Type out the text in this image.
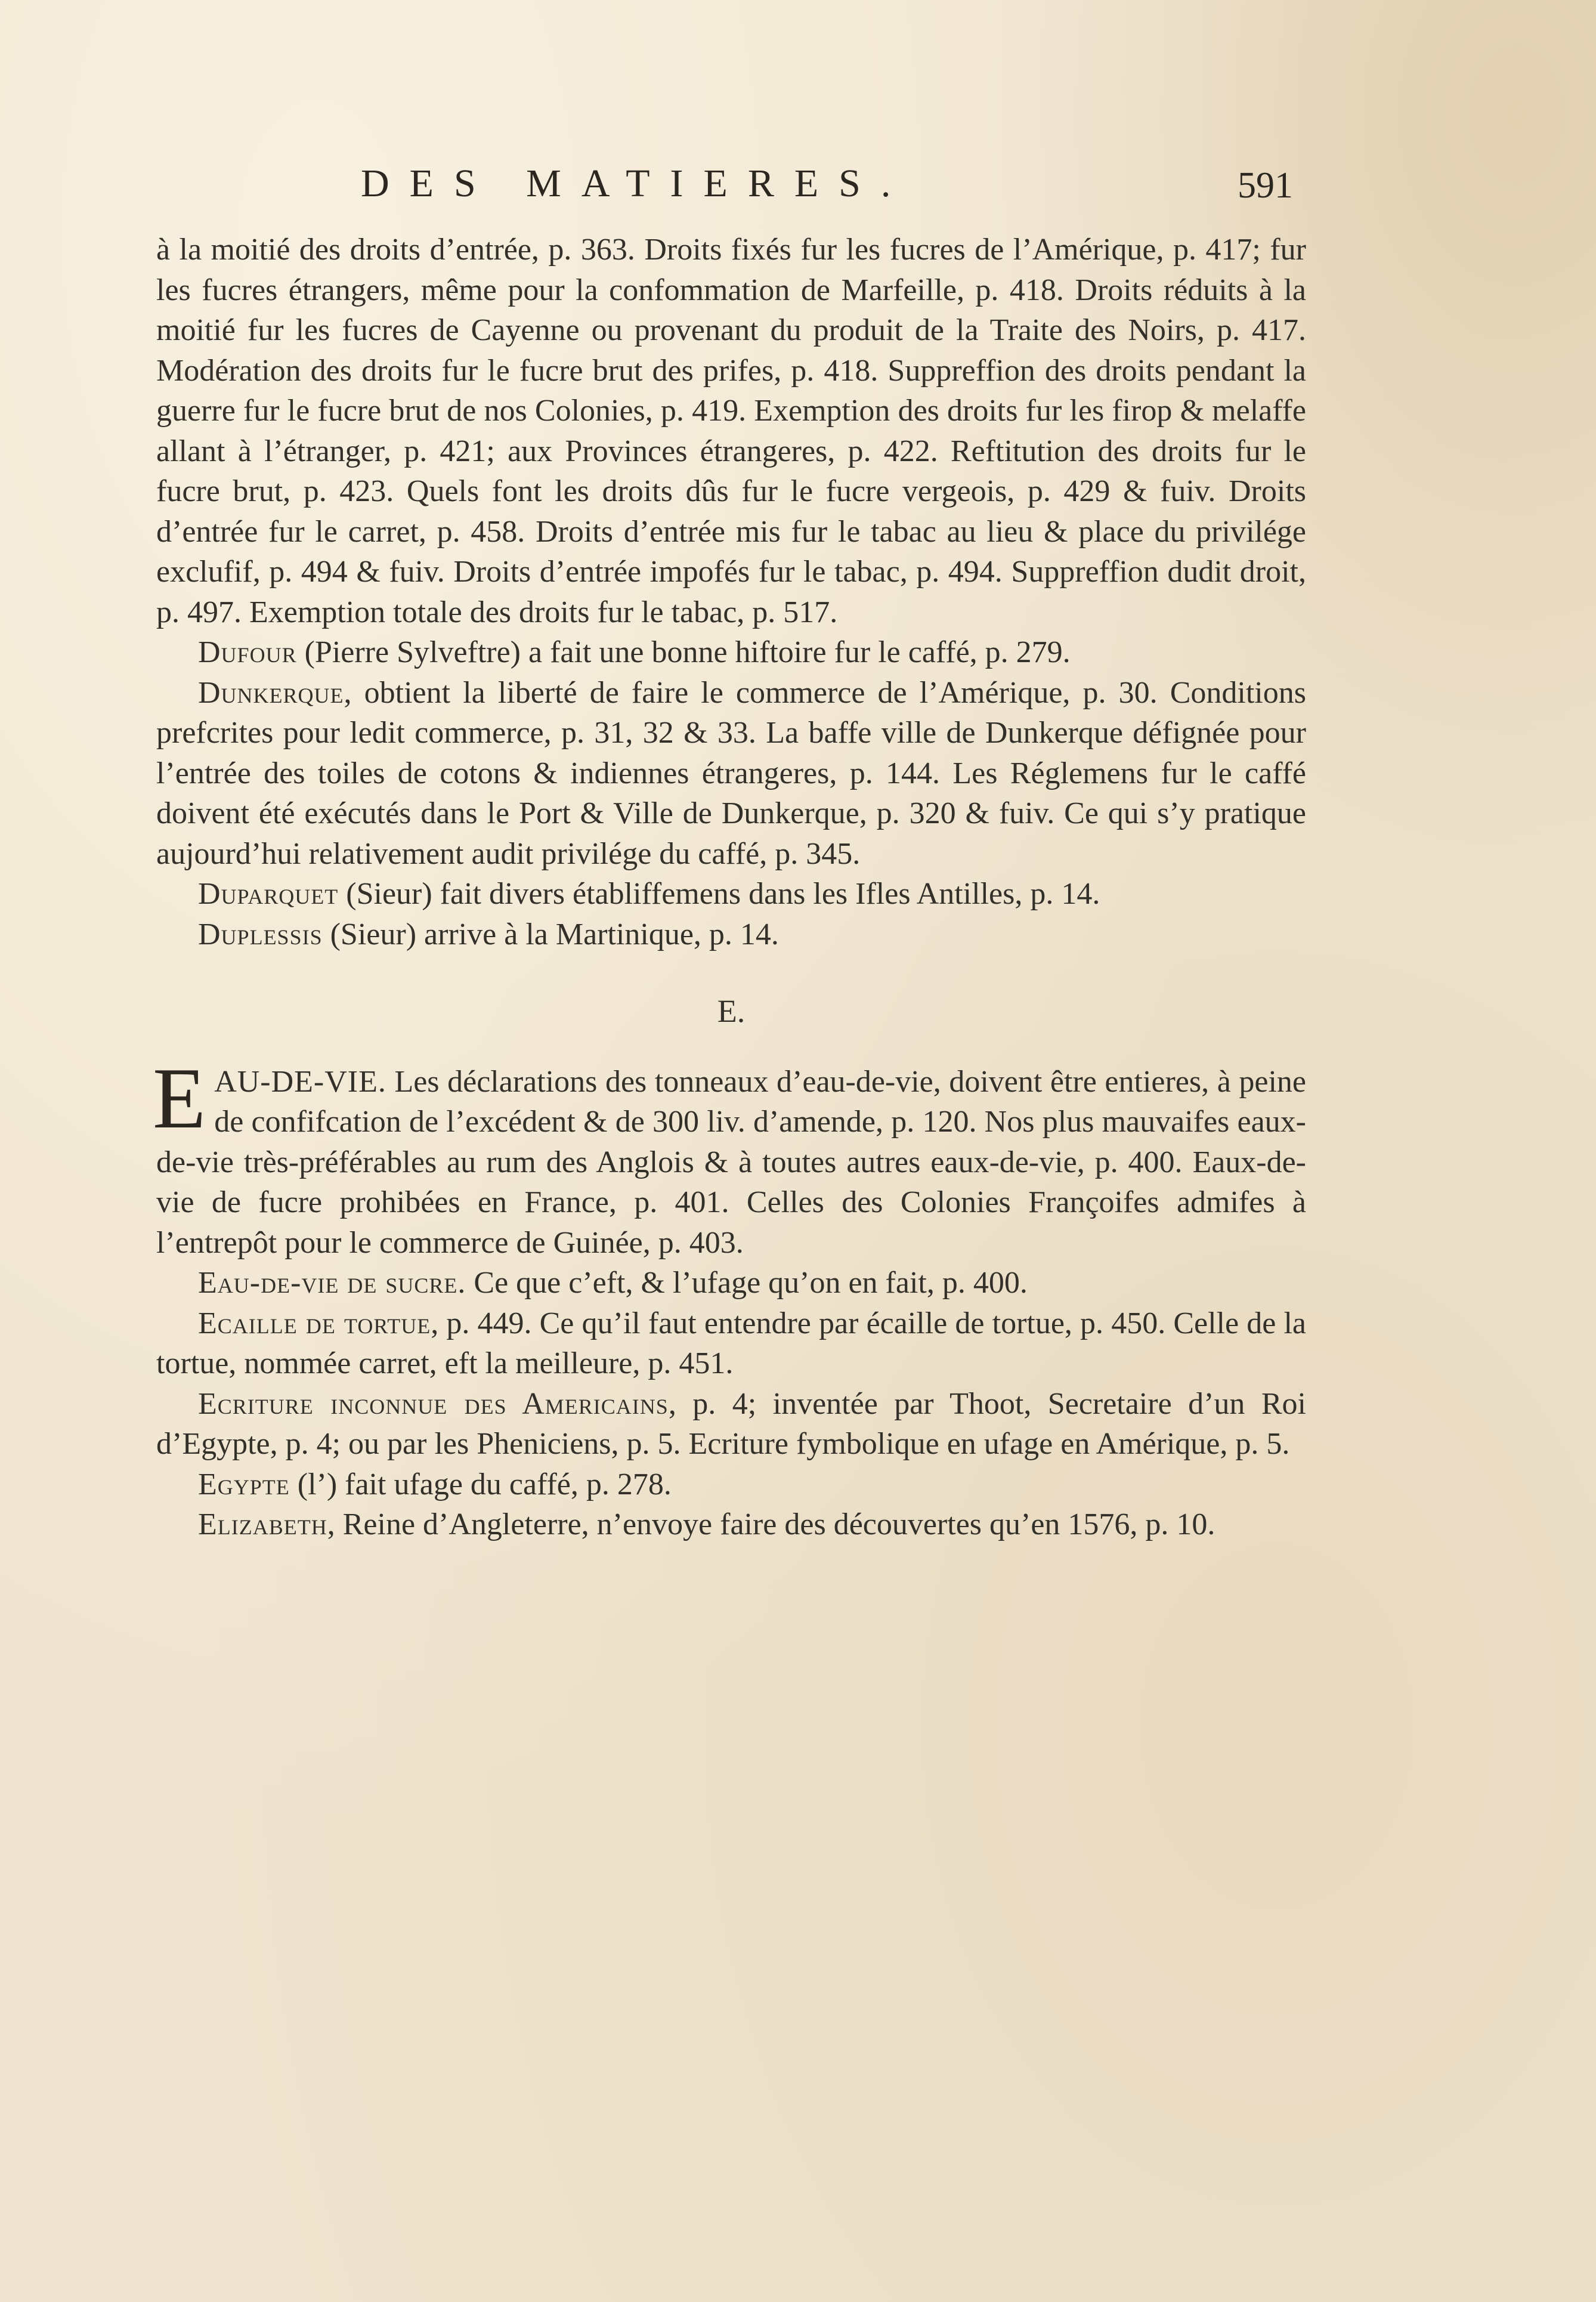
DES MATIERES.	591

à la moitié des droits d’entrée, p. 363. Droits fixés fur les fucres de l’Amérique, p. 417; fur les fucres étrangers, même pour la confommation de Marfeille, p. 418. Droits réduits à la moitié fur les fucres de Cayenne ou provenant du produit de la Traite des Noirs, p. 417. Modération des droits fur le fucre brut des prifes, p. 418. Suppreffion des droits pendant la guerre fur le fucre brut de nos Colonies, p. 419. Exemption des droits fur les firop & melaffe allant à l’étranger, p. 421; aux Provinces étrangeres, p. 422. Reftitution des droits fur le fucre brut, p. 423. Quels font les droits dûs fur le fucre vergeois, p. 429 & fuiv. Droits d’entrée fur le carret, p. 458. Droits d’entrée mis fur le tabac au lieu & place du privilége exclufif, p. 494 & fuiv. Droits d’entrée impofés fur le tabac, p. 494. Suppreffion dudit droit, p. 497. Exemption totale des droits fur le tabac, p. 517.

Dufour (Pierre Sylveftre) a fait une bonne hiftoire fur le caffé, p. 279.

Dunkerque, obtient la liberté de faire le commerce de l’Amérique, p. 30. Conditions prefcrites pour ledit commerce, p. 31, 32 & 33. La baffe ville de Dunkerque défignée pour l’entrée des toiles de cotons & indiennes étrangeres, p. 144. Les Réglemens fur le caffé doivent été exécutés dans le Port & Ville de Dunkerque, p. 320 & fuiv. Ce qui s’y pratique aujourd’hui relativement audit privilége du caffé, p. 345.

Duparquet (Sieur) fait divers établiffemens dans les Ifles Antilles, p. 14.

Duplessis (Sieur) arrive à la Martinique, p. 14.

E.

EAU-DE-VIE. Les déclarations des tonneaux d’eau-de-vie, doivent être entieres, à peine de confifcation de l’excédent & de 300 liv. d’amende, p. 120. Nos plus mauvaifes eaux-de-vie très-préférables au rum des Anglois & à toutes autres eaux-de-vie, p. 400. Eaux-de-vie de fucre prohibées en France, p. 401. Celles des Colonies Françoifes admifes à l’entrepôt pour le commerce de Guinée, p. 403.

Eau-de-vie de sucre. Ce que c’eft, & l’ufage qu’on en fait, p. 400.

Ecaille de tortue, p. 449. Ce qu’il faut entendre par écaille de tortue, p. 450. Celle de la tortue, nommée carret, eft la meilleure, p. 451.

Ecriture inconnue des Americains, p. 4; inventée par Thoot, Secretaire d’un Roi d’Egypte, p. 4; ou par les Pheniciens, p. 5. Ecriture fymbolique en ufage en Amérique, p. 5.

Egypte (l’) fait ufage du caffé, p. 278.

Elizabeth, Reine d’Angleterre, n’envoye faire des découvertes qu’en 1576, p. 10.
